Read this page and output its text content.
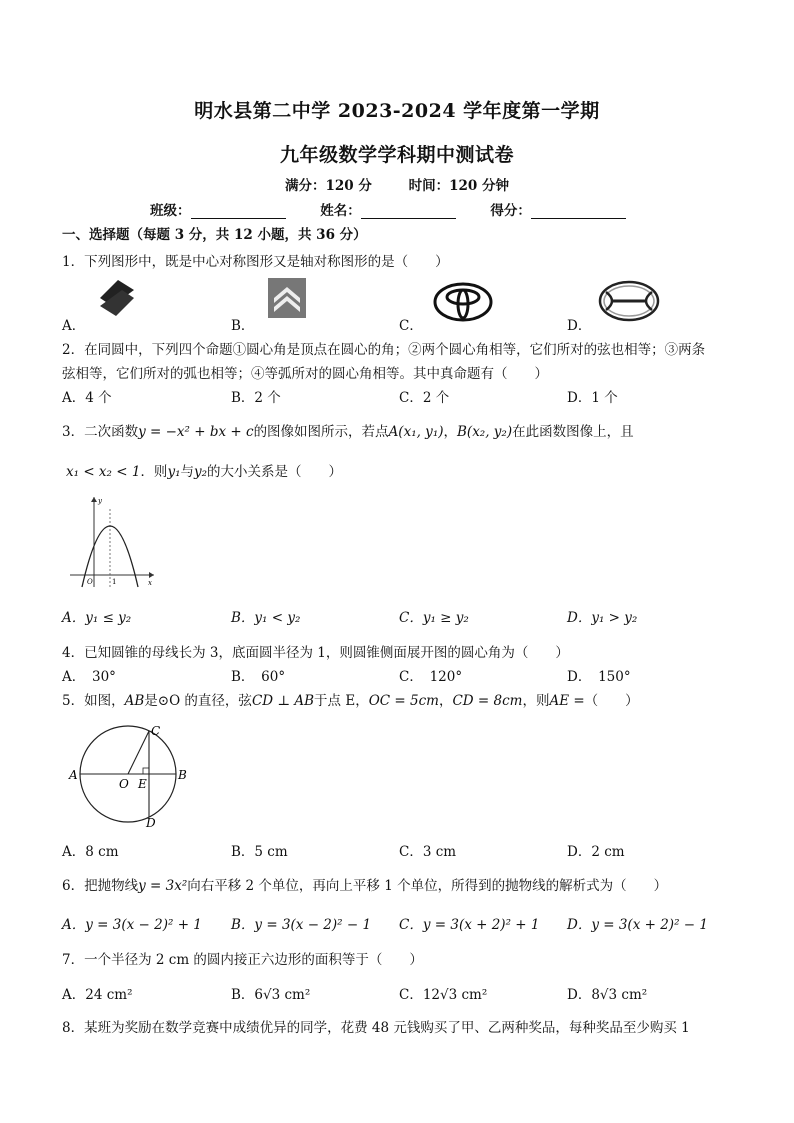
明水县第二中学 2023-2024 学年度第一学期
九年级数学学科期中测试卷
满分：120 分	时间：120 分钟
班级：	姓名：	得分：
一、选择题（每题 3 分，共 12 小题，共 36 分）
1．下列图形中，既是中心对称图形又是轴对称图形的是（　　）
A．	B．	C．	D．
2．在同圆中，下列四个命题①圆心角是顶点在圆心的角；②两个圆心角相等，它们所对的弦也相等；③两条
弦相等，它们所对的弧也相等；④等弧所对的圆心角相等。其中真命题有（　　）
A．4 个	B．2 个	C．2 个	D．1 个
3．二次函数y = −x² + bx + c的图像如图所示，若点A(x₁, y₁)，B(x₂, y₂)在此函数图像上，且
x₁ < x₂ < 1．则y₁与y₂的大小关系是（　　）
y
x
O	1
A．y₁ ≤ y₂	B．y₁ < y₂	C．y₁ ≥ y₂	D．y₁ > y₂
4．已知圆锥的母线长为 3，底面圆半径为 1，则圆锥侧面展开图的圆心角为（　　）
A．　30°	B．　60°	C．　120°	D．　150°
5．如图，AB是⊙O 的直径，弦CD ⊥ AB于点 E，OC = 5cm，CD = 8cm，则AE =（　　）
A	B
C
D
O E
A．8 cm	B．5 cm	C．3 cm	D．2 cm
6．把抛物线y = 3x²向右平移 2 个单位，再向上平移 1 个单位，所得到的抛物线的解析式为（　　）
A．y = 3(x − 2)² + 1 B．y = 3(x − 2)² − 1 C．y = 3(x + 2)² + 1 D．y = 3(x + 2)² − 1
7．一个半径为 2 cm 的圆内接正六边形的面积等于（　　）
A．24 cm²	B．6√3 cm²	C．12√3 cm²	D．8√3 cm²
8．某班为奖励在数学竞赛中成绩优异的同学，花费 48 元钱购买了甲、乙两种奖品，每种奖品至少购买 1
